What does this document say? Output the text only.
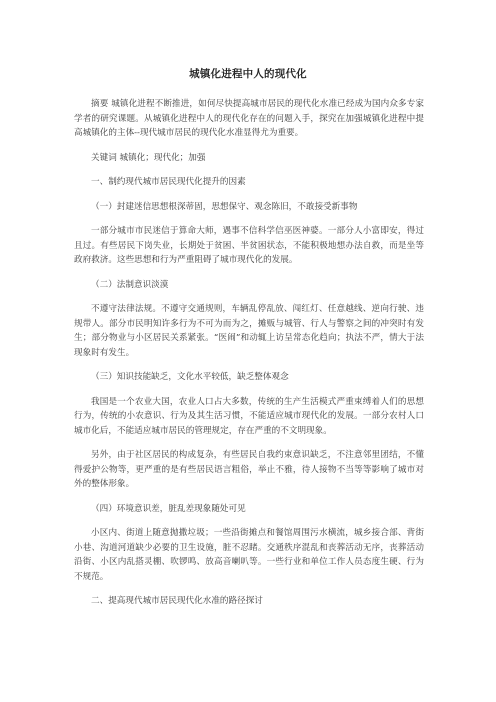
城镇化进程中人的现代化

摘要 城镇化进程不断推进，如何尽快提高城市居民的现代化水准已经成为国内众多专家学者的研究课题。从城镇化进程中人的现代化存在的问题入手，探究在加强城镇化进程中提高城镇化的主体--现代城市居民的现代化水准显得尤为重要。

关键词 城镇化；现代化；加强

一、制约现代城市居民现代化提升的因素

（一）封建迷信思想根深蒂固，思想保守、观念陈旧，不敢接受新事物

一部分城市市民迷信于算命大师，遇事不信科学信巫医神婆。一部分人小富即安，得过且过。有些居民下岗失业，长期处于贫困、半贫困状态，不能积极地想办法自救，而是坐等政府救济。这些思想和行为严重阻碍了城市现代化的发展。

（二）法制意识淡漠

不遵守法律法规。不遵守交通规则，车辆乱停乱放、闯红灯、任意越线、逆向行驶、违规带人。部分市民明知许多行为不可为而为之，摊贩与城管、行人与警察之间的冲突时有发生；部分物业与小区居民关系紧张。“医闹”和动辄上访呈常态化趋向；执法不严，情大于法现象时有发生。

（三）知识技能缺乏，文化水平较低，缺乏整体观念

我国是一个农业大国，农业人口占大多数，传统的生产生活模式严重束缚着人们的思想行为，传统的小农意识、行为及其生活习惯，不能适应城市现代化的发展。一部分农村人口城市化后，不能适应城市居民的管理规定，存在严重的不文明现象。

另外，由于社区居民的构成复杂，有些居民自我约束意识缺乏，不注意邻里团结，不懂得爱护公物等，更严重的是有些居民语言粗俗，举止不雅，待人接物不当等等影响了城市对外的整体形象。

（四）环境意识差，脏乱差现象随处可见

小区内、街道上随意抛撒垃圾；一些沿街摊点和餐馆周围污水横流，城乡接合部、背街小巷、沟道河道缺少必要的卫生设施，脏不忍睹。交通秩序混乱和丧葬活动无序，丧葬活动沿街、小区内乱搭灵棚、吹锣鸣、放高音喇叭等。一些行业和单位工作人员态度生硬、行为不规范。

二、提高现代城市居民现代化水准的路径探讨
